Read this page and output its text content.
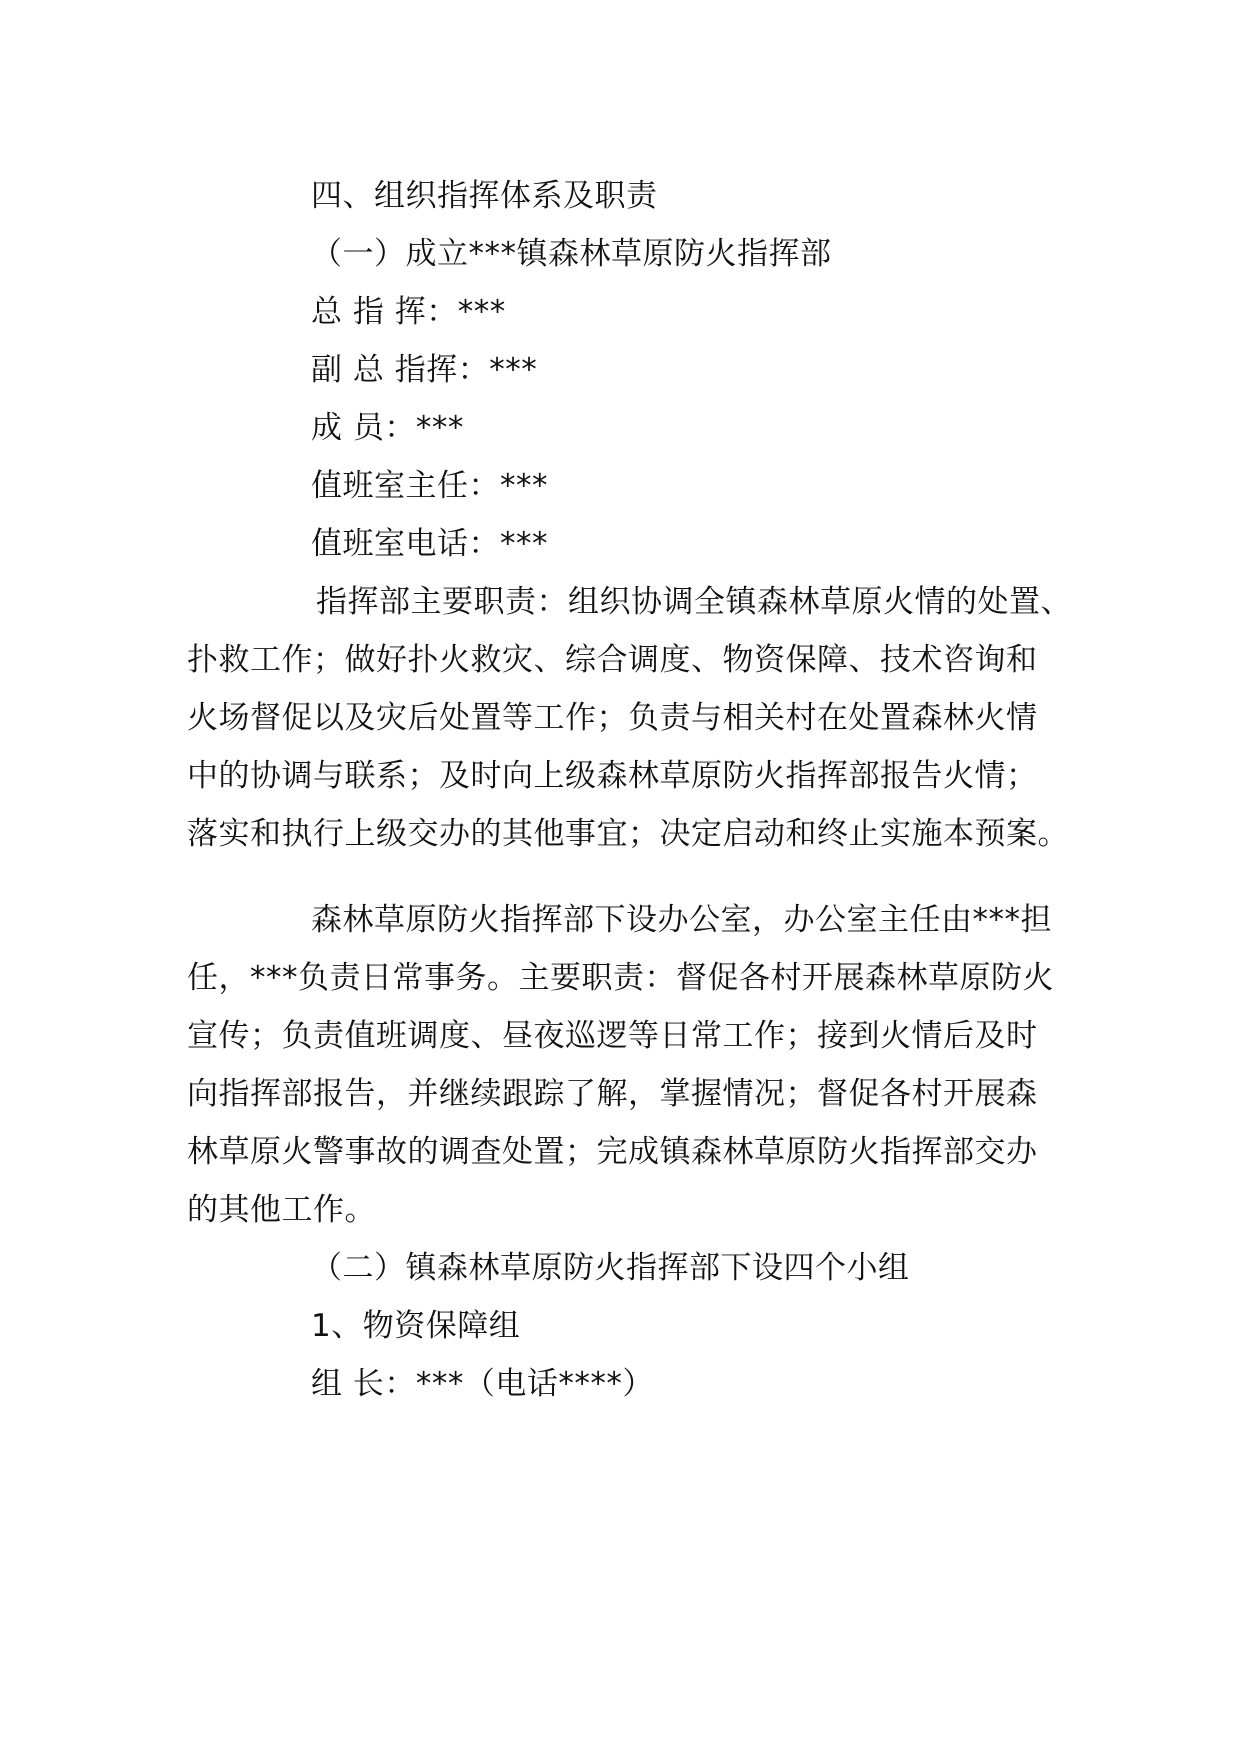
四、组织指挥体系及职责
（一）成立***镇森林草原防火指挥部
总 指 挥：***
副 总 指挥：***
成 员：***
值班室主任：***
值班室电话：***
指挥部主要职责：组织协调全镇森林草原火情的处置、
扑救工作；做好扑火救灾、综合调度、物资保障、技术咨询和
火场督促以及灾后处置等工作；负责与相关村在处置森林火情
中的协调与联系；及时向上级森林草原防火指挥部报告火情；
落实和执行上级交办的其他事宜；决定启动和终止实施本预案。
森林草原防火指挥部下设办公室，办公室主任由***担
任，***负责日常事务。主要职责：督促各村开展森林草原防火
宣传；负责值班调度、昼夜巡逻等日常工作；接到火情后及时
向指挥部报告，并继续跟踪了解，掌握情况；督促各村开展森
林草原火警事故的调查处置；完成镇森林草原防火指挥部交办
的其他工作。
（二）镇森林草原防火指挥部下设四个小组
1、物资保障组
组 长：***（电话****）
